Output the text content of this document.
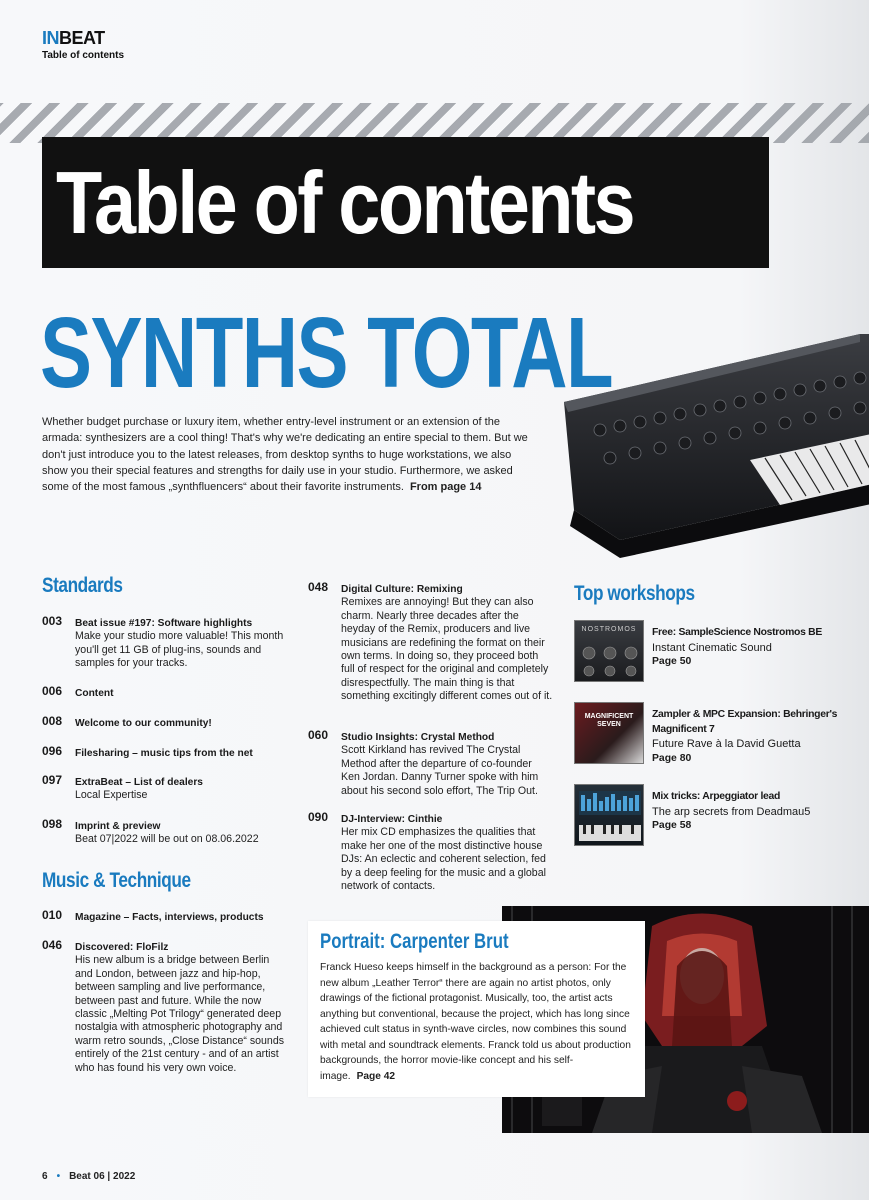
INBEAT
Table of contents
Table of contents
SYNTHS TOTAL
Whether budget purchase or luxury item, whether entry-level instrument or an extension of the armada: synthesizers are a cool thing! That's why we're dedicating an entire special to them. But we don't just introduce you to the latest releases, from desktop synths to huge workstations, we also show you their special features and strengths for daily use in your studio. Furthermore, we asked some of the most famous „synthfluencers“ about their favorite instruments. From page 14
Standards
003	Beat issue #197: Software highlights
Make your studio more valuable! This month you'll get 11 GB of plug-ins, sounds and samples for your tracks.
006	Content
008	Welcome to our community!
096	Filesharing – music tips from the net
097	ExtraBeat – List of dealers
Local Expertise
098	Imprint & preview
Beat 07|2022 will be out on 08.06.2022
Music & Technique
010	Magazine – Facts, interviews, products
046	Discovered: FloFilz
His new album is a bridge between Berlin and London, between jazz and hip-hop, between sampling and live performance, between past and future. While the now classic „Melting Pot Trilogy“ generated deep nostalgia with atmospheric photography and warm retro sounds, „Close Distance“ sounds entirely of the 21st century - and of an artist who has found his very own voice.
048	Digital Culture: Remixing
Remixes are annoying! But they can also charm. Nearly three decades after the heyday of the Remix, producers and live musicians are redefining the format on their own terms. In doing so, they proceed both full of respect for the original and completely disrespectfully. The main thing is that something excitingly different comes out of it.
060	Studio Insights: Crystal Method
Scott Kirkland has revived The Crystal Method after the departure of co-founder Ken Jordan. Danny Turner spoke with him about his second solo effort, The Trip Out.
090	DJ-Interview: Cinthie
Her mix CD emphasizes the qualities that make her one of the most distinctive house DJs: An eclectic and coherent selection, fed by a deep feeling for the music and a global network of contacts.
Top workshops
NOSTROMOS	Free: SampleScience Nostromos BE
Instant Cinematic Sound
Page 50
MAGNIFICENT SEVEN
Zampler & MPC Expansion: Behringer's Magnificent 7
Future Rave à la David Guetta
Page 80
Mix tricks: Arpeggiator lead
The arp secrets from Deadmau5
Page 58
Portrait: Carpenter Brut
Franck Hueso keeps himself in the background as a person: For the new album „Leather Terror“ there are again no artist photos, only drawings of the fictional protagonist. Musically, too, the artist acts anything but conventional, because the project, which has long since achieved cult status in synth-wave circles, now combines this sound with metal and soundtrack elements. Franck told us about production backgrounds, the horror movie-like concept and his self-image. Page 42
6 • Beat 06 | 2022
